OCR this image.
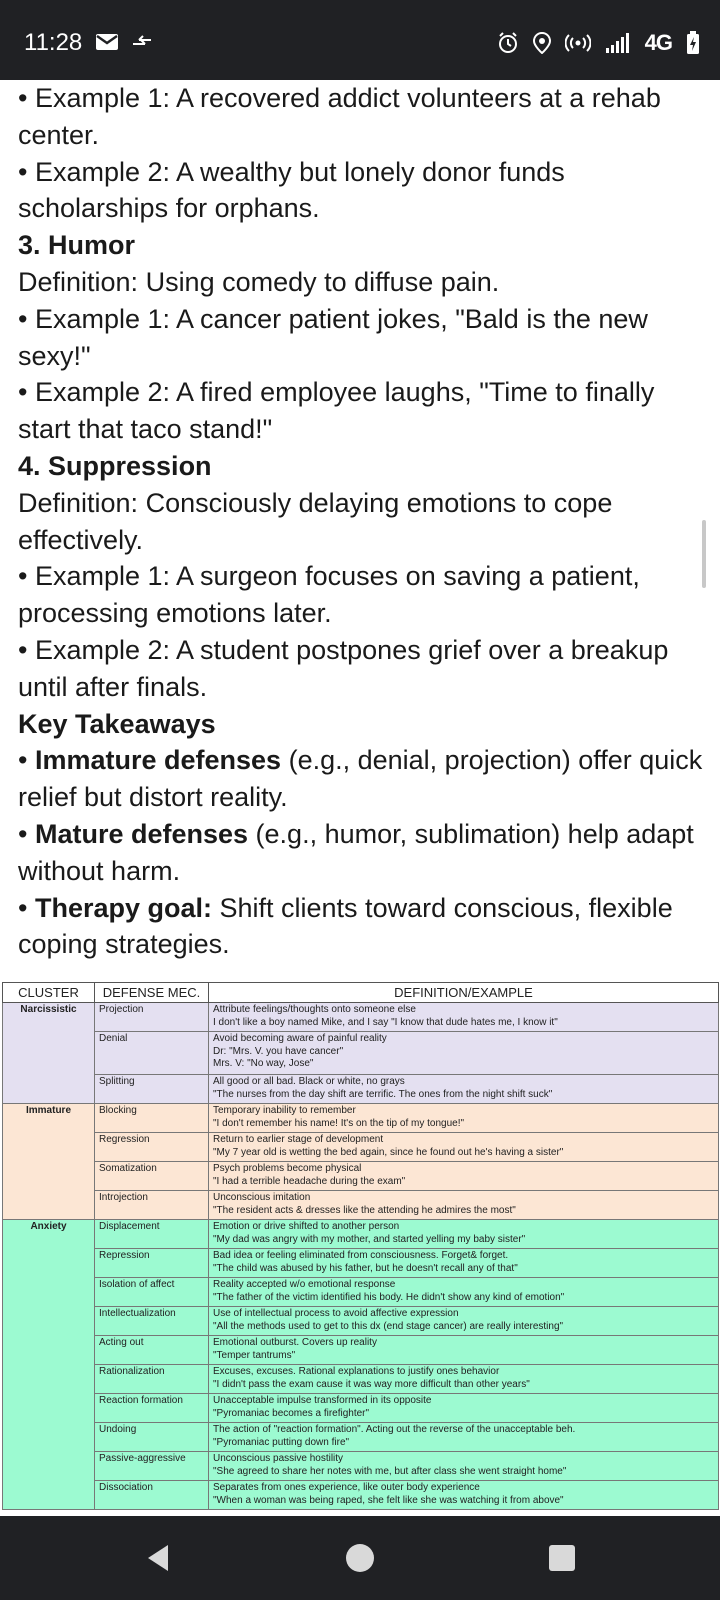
11:28	4G

• Example 1: A recovered addict volunteers at a rehab center.

• Example 2: A wealthy but lonely donor funds scholarships for orphans.

3. Humor

Definition: Using comedy to diffuse pain.

• Example 1: A cancer patient jokes, "Bald is the new sexy!"

• Example 2: A fired employee laughs, "Time to finally start that taco stand!"

4. Suppression

Definition: Consciously delaying emotions to cope effectively.

• Example 1: A surgeon focuses on saving a patient, processing emotions later.

• Example 2: A student postpones grief over a breakup until after finals.

Key Takeaways

• Immature defenses (e.g., denial, projection) offer quick relief but distort reality.

• Mature defenses (e.g., humor, sublimation) help adapt without harm.

• Therapy goal: Shift clients toward conscious, flexible coping strategies.

CLUSTER	DEFENSE MEC.	DEFINITION/EXAMPLE
Narcissistic	Projection	Attribute feelings/thoughts onto someone else
I don't like a boy named Mike, and I say "I know that dude hates me, I know it"

	Denial	Avoid becoming aware of painful reality
Dr: "Mrs. V. you have cancer"
Mrs. V: "No way, Jose"

	Splitting	All good or all bad. Black or white, no grays
"The nurses from the day shift are terrific. The ones from the night shift suck"

Immature	Blocking	Temporary inability to remember
"I don't remember his name! It's on the tip of my tongue!"

	Regression	Return to earlier stage of development
"My 7 year old is wetting the bed again, since he found out he's having a sister"

	Somatization	Psych problems become physical
"I had a terrible headache during the exam"

	Introjection	Unconscious imitation
"The resident acts & dresses like the attending he admires the most"

Anxiety	Displacement	Emotion or drive shifted to another person
"My dad was angry with my mother, and started yelling my baby sister"

	Repression	Bad idea or feeling eliminated from consciousness. Forget& forget.
"The child was abused by his father, but he doesn't recall any of that"

	Isolation of affect	Reality accepted w/o emotional response
"The father of the victim identified his body. He didn't show any kind of emotion"

	Intellectualization	Use of intellectual process to avoid affective expression
"All the methods used to get to this dx (end stage cancer) are really interesting"

	Acting out	Emotional outburst. Covers up reality
"Temper tantrums"

	Rationalization	Excuses, excuses. Rational explanations to justify ones behavior
"I didn't pass the exam cause it was way more difficult than other years"

	Reaction formation	Unacceptable impulse transformed in its opposite
"Pyromaniac becomes a firefighter"

	Undoing	The action of "reaction formation". Acting out the reverse of the unacceptable beh.
"Pyromaniac putting down fire"

	Passive-aggressive	Unconscious passive hostility
"She agreed to share her notes with me, but after class she went straight home"

	Dissociation	Separates from ones experience, like outer body experience
"When a woman was being raped, she felt like she was watching it from above"
